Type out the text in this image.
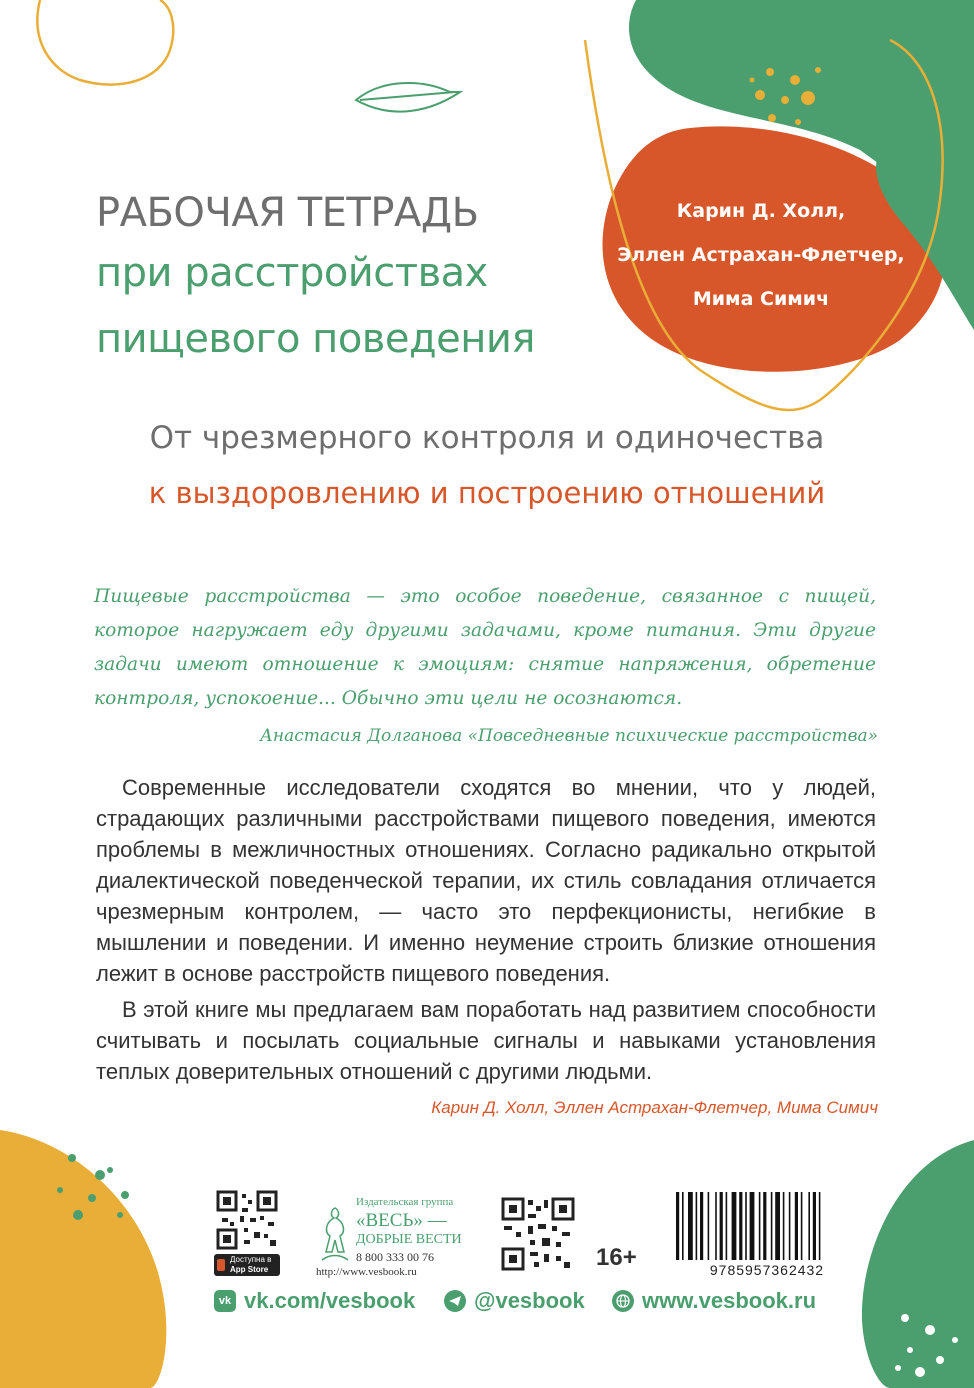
РАБОЧАЯ ТЕТРАДЬ
при расстройствах
пищевого поведения
Карин Д. Холл,
Эллен Астрахан-Флетчер,
Мима Симич
От чрезмерного контроля и одиночества
к выздоровлению и построению отношений
Пищевые расстройства — это особое поведение, связанное с пищей, которое нагружает еду другими задачами, кроме питания. Эти другие задачи имеют отношение к эмоциям: снятие напряжения, обретение контроля, успокоение... Обычно эти цели не осознаются.
Анастасия Долганова «Повседневные психические расстройства»
Современные исследователи сходятся во мнении, что у людей, страдающих различными расстройствами пищевого поведения, имеются проблемы в межличностных отношениях. Согласно радикально открытой диалектической поведенческой терапии, их стиль совладания отличается чрезмерным контролем, — часто это перфекционисты, негибкие в мышлении и поведении. И именно неумение строить близкие отношения лежит в основе расстройств пищевого поведения.
В этой книге мы предлагаем вам поработать над развитием способности считывать и посылать социальные сигналы и навыками установления теплых доверительных отношений с другими людьми.
Карин Д. Холл, Эллен Астрахан-Флетчер, Мима Симич
Доступна в
App Store
Издательская группа
«ВЕСЬ» —
ДОБРЫЕ ВЕСТИ
8 800 333 00 76
http://www.vesbook.ru
16+	9785957362432
vk vk.com/vesbook	@vesbook	www.vesbook.ru
